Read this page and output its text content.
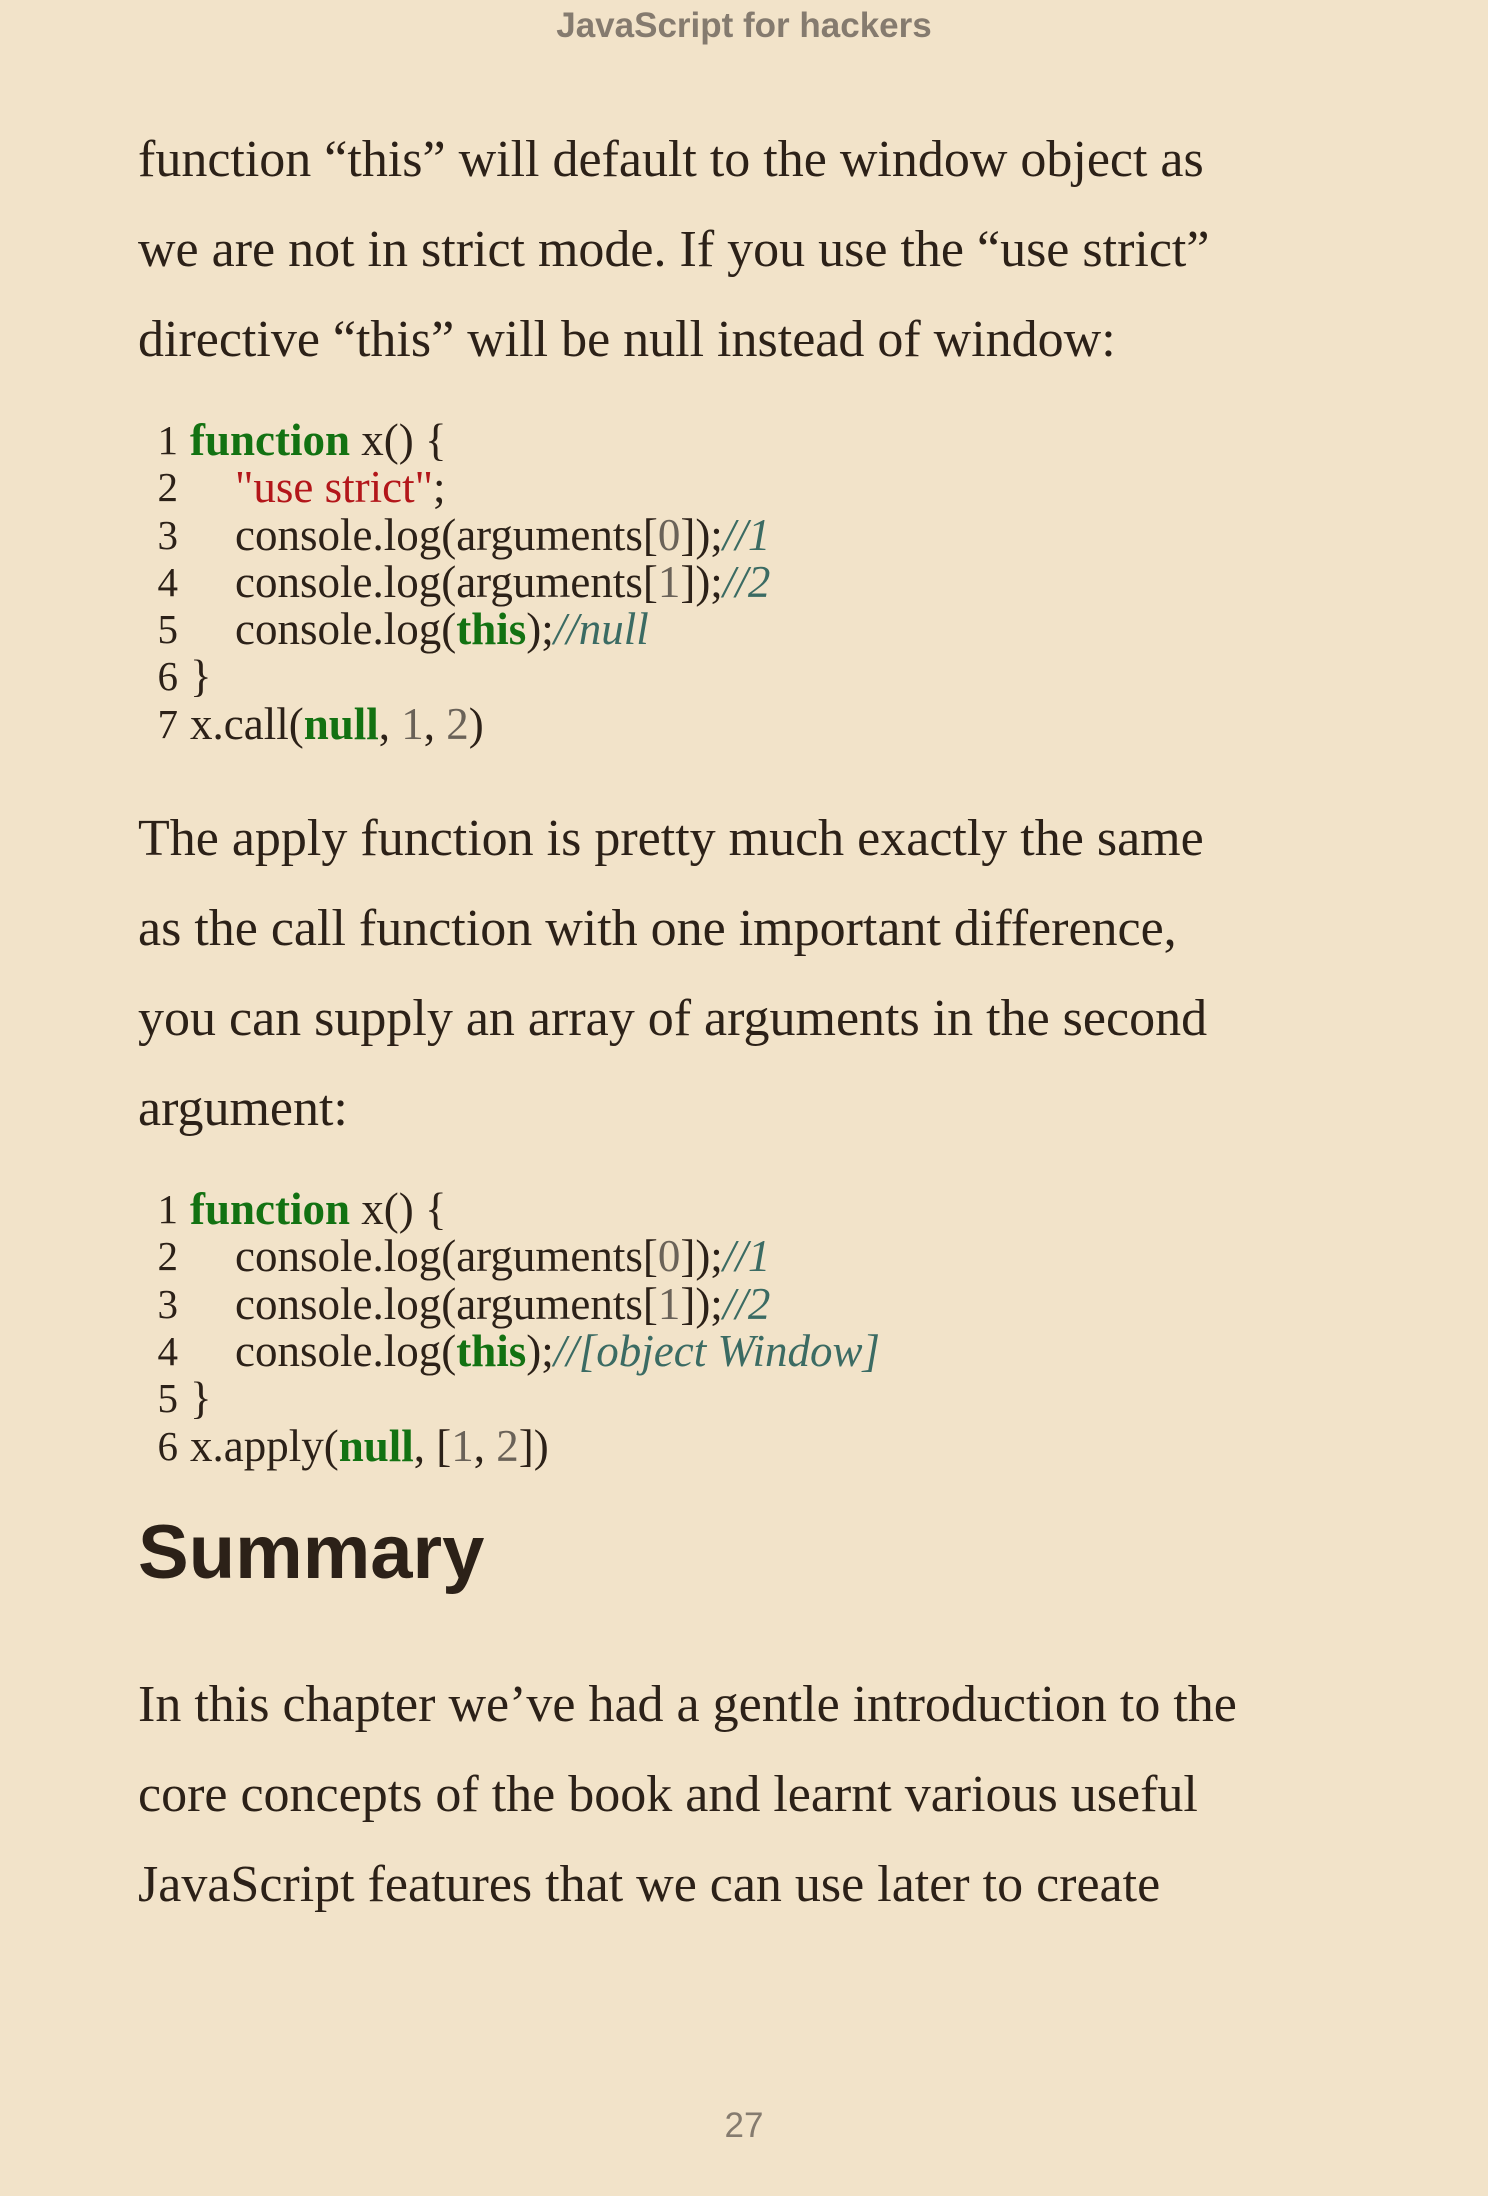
JavaScript for hackers

function “this” will default to the window object as
we are not in strict mode. If you use the “use strict”
directive “this” will be null instead of window:

1 function x() {
2	"use strict";
3	console.log(arguments[0]);//1
4	console.log(arguments[1]);//2
5	console.log(this);//null
6 }
7 x.call(null, 1, 2)

The apply function is pretty much exactly the same
as the call function with one important difference,
you can supply an array of arguments in the second
argument:

1 function x() {
2	console.log(arguments[0]);//1
3	console.log(arguments[1]);//2
4	console.log(this);//[object Window]
5 }
6 x.apply(null, [1, 2])
Summary

In this chapter we’ve had a gentle introduction to the
core concepts of the book and learnt various useful
JavaScript features that we can use later to create

27
